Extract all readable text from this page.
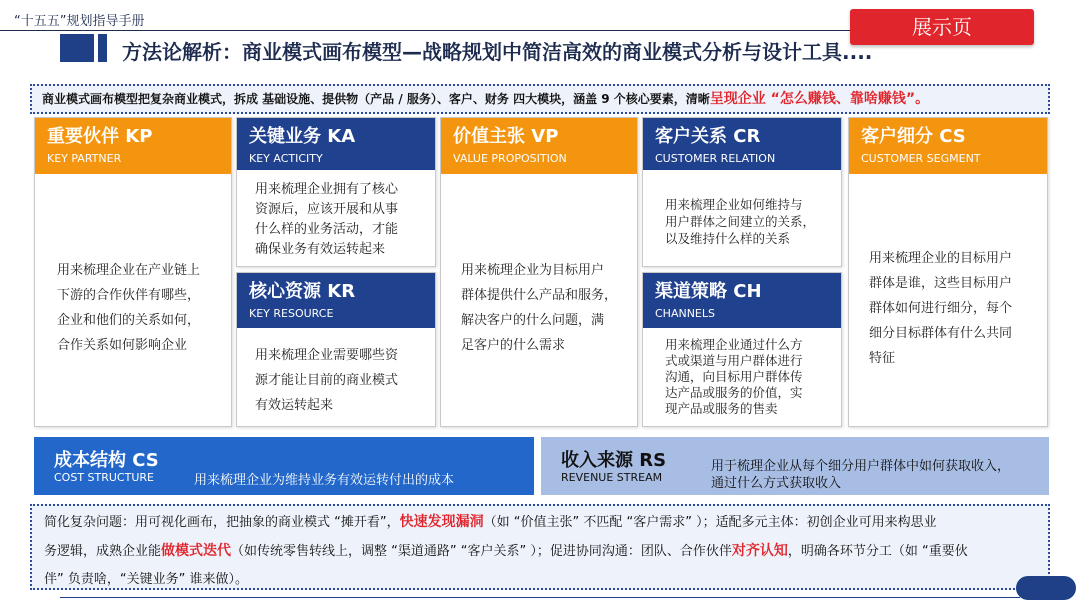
“十五五”规划指导手册	展示页
方法论解析：商业模式画布模型—战略规划中简洁高效的商业模式分析与设计工具....
商业模式画布模型把复杂商业模式，拆成 基础设施、提供物（产品 / 服务）、客户、财务 四大模块，涵盖 9 个核心要素，清晰呈现企业 “怎么赚钱、靠啥赚钱”。
重要伙伴 KP
KEY PARTNER
用来梳理企业在产业链上
下游的合作伙伴有哪些，
企业和他们的关系如何，
合作关系如何影响企业
关键业务 KA
KEY ACTICITY
用来梳理企业拥有了核心
资源后，应该开展和从事
什么样的业务活动，才能
确保业务有效运转起来
核心资源 KR
KEY RESOURCE
用来梳理企业需要哪些资
源才能让目前的商业模式
有效运转起来
价值主张 VP
VALUE PROPOSITION
用来梳理企业为目标用户
群体提供什么产品和服务，
解决客户的什么问题，满
足客户的什么需求
客户关系 CR
CUSTOMER RELATION
用来梳理企业如何维持与
用户群体之间建立的关系，
以及维持什么样的关系
渠道策略 CH
CHANNELS
用来梳理企业通过什么方
式或渠道与用户群体进行
沟通，向目标用户群体传
达产品或服务的价值，实
现产品或服务的售卖
客户细分 CS
CUSTOMER SEGMENT
用来梳理企业的目标用户
群体是谁，这些目标用户
群体如何进行细分，每个
细分目标群体有什么共同
特征
成本结构 CS
COST STRUCTURE	用来梳理企业为维持业务有效运转付出的成本
收入来源 RS
REVENUE STREAM
用于梳理企业从每个细分用户群体中如何获取收入，
通过什么方式获取收入
简化复杂问题：用可视化画布，把抽象的商业模式 “摊开看”，快速发现漏洞（如 “价值主张” 不匹配 “客户需求” ）；适配多元主体：初创企业可用来构思业
务逻辑，成熟企业能做模式迭代（如传统零售转线上，调整 “渠道通路” “客户关系” ）；促进协同沟通：团队、合作伙伴对齐认知，明确各环节分工（如 “重要伙
伴” 负责啥，“关键业务” 谁来做）。
